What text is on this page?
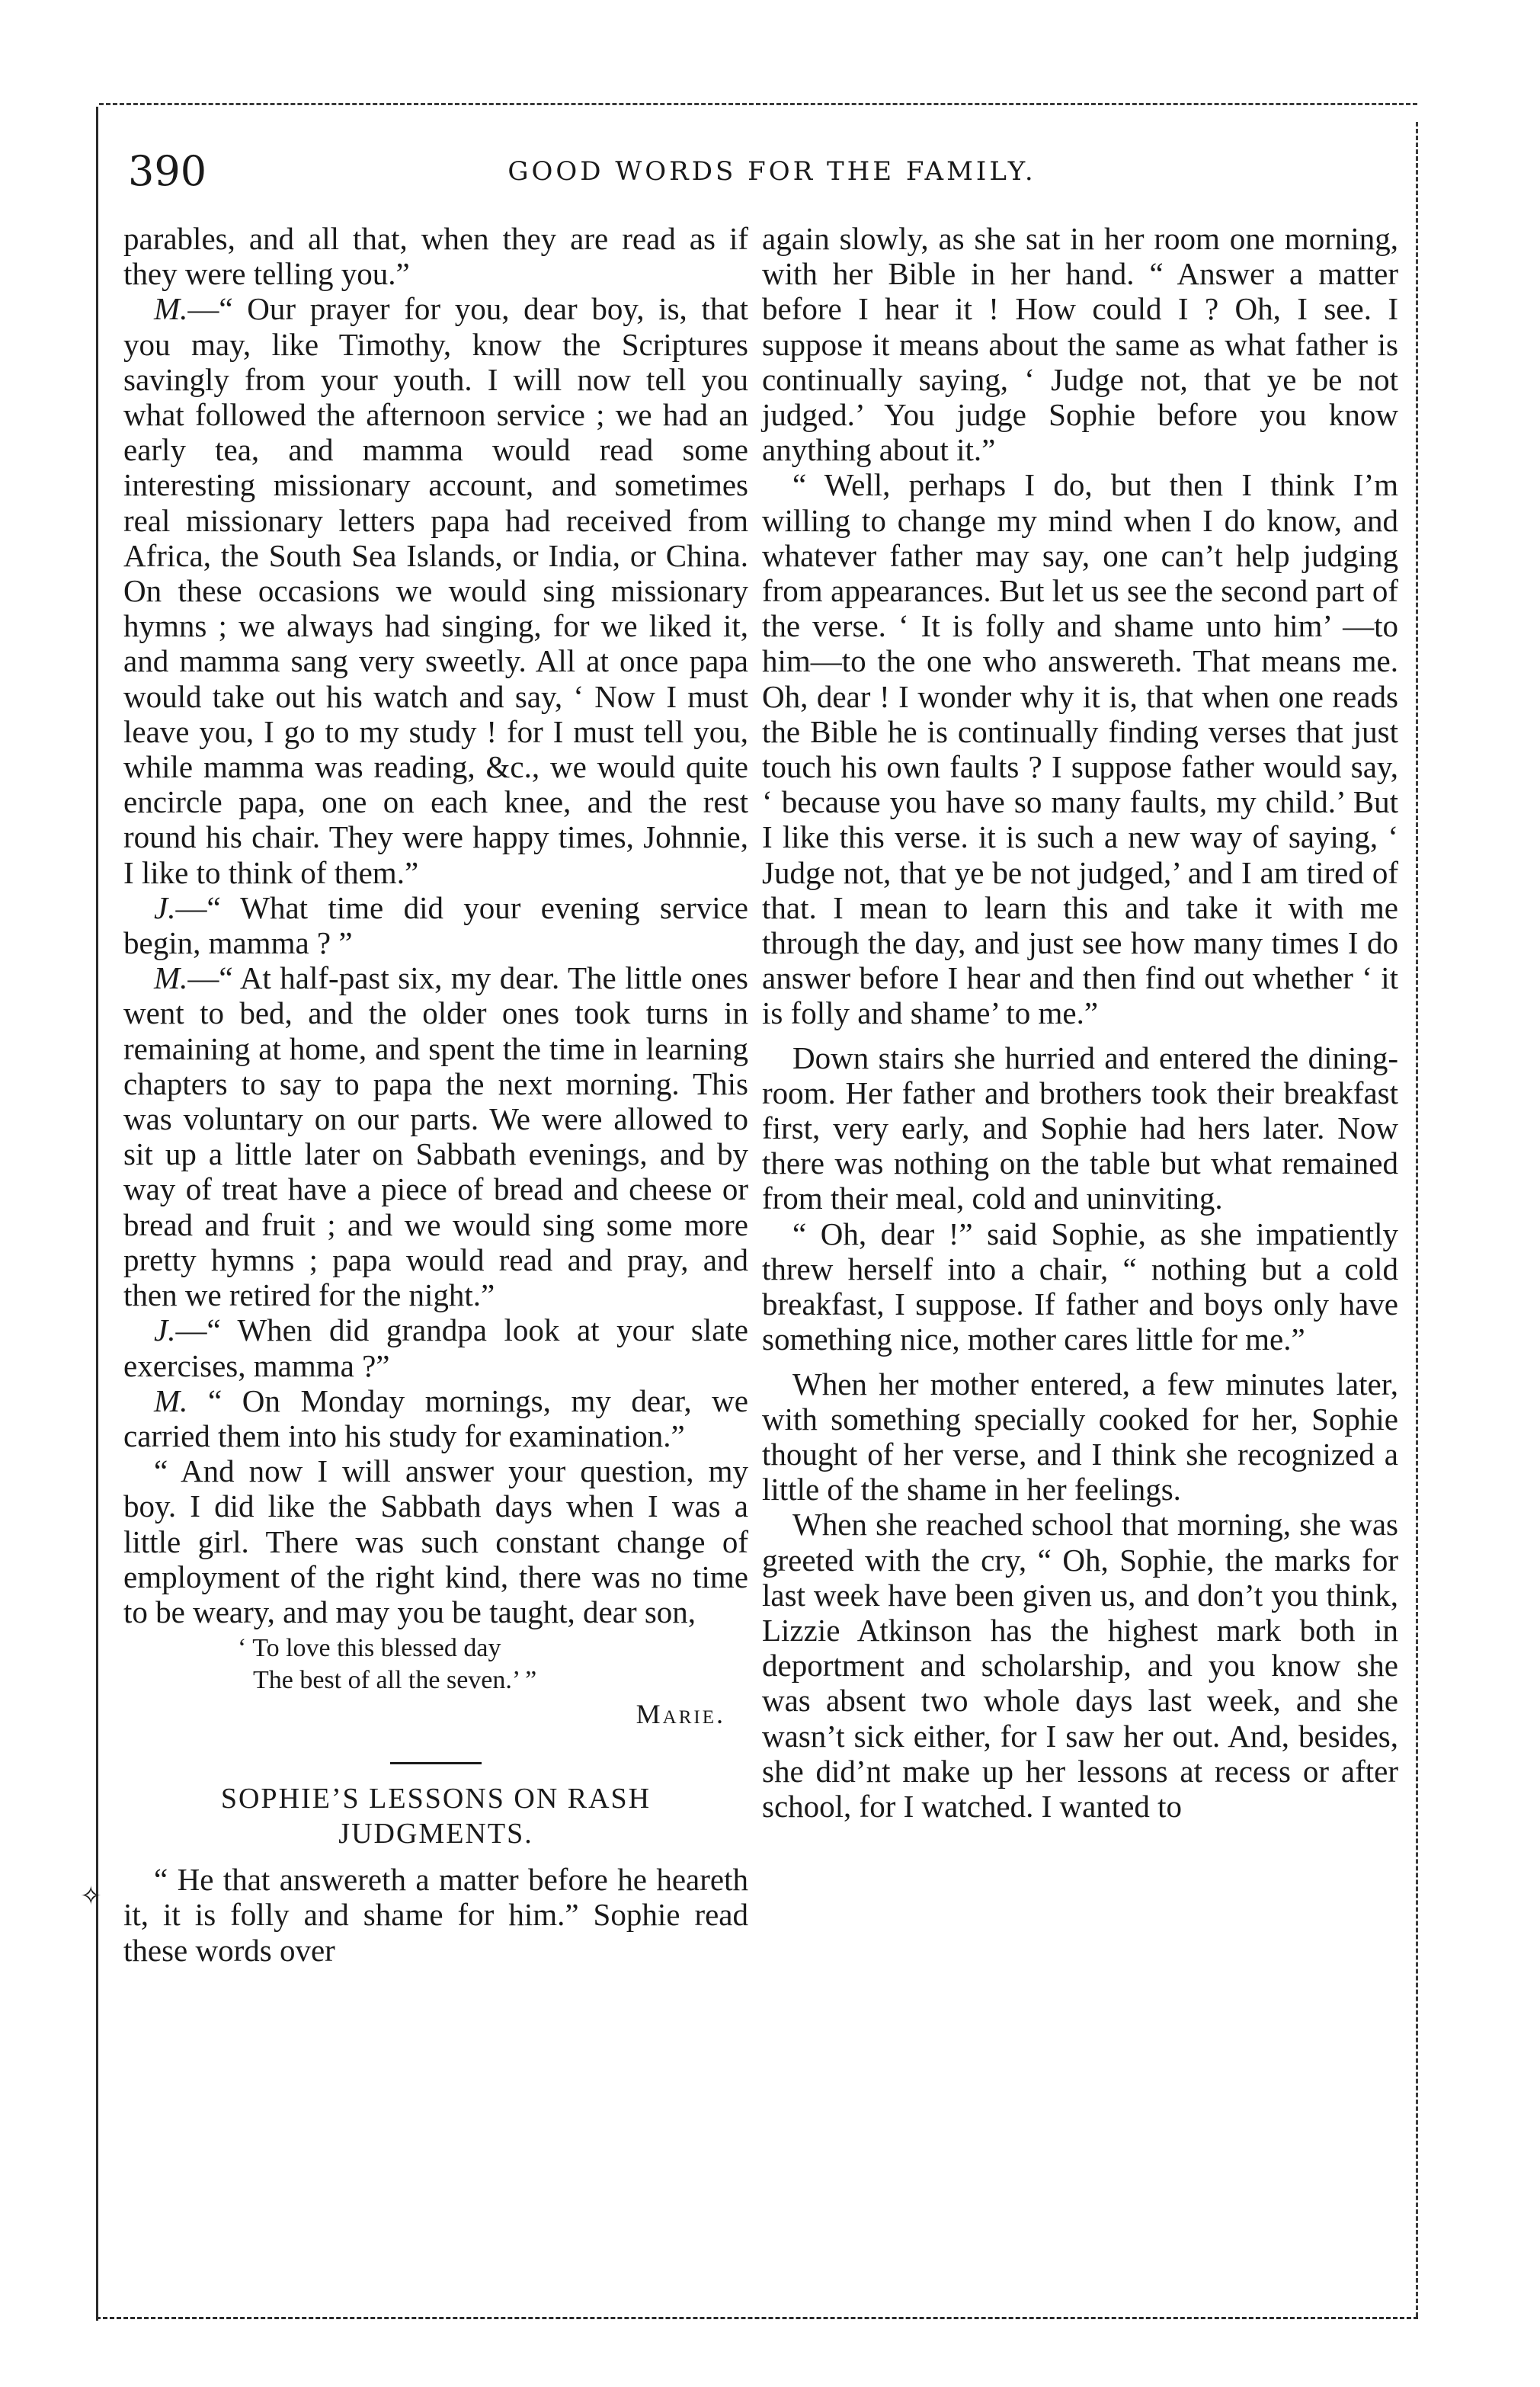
390	GOOD WORDS FOR THE FAMILY.

parables, and all that, when they are read as if they were telling you.”

M.—“ Our prayer for you, dear boy, is, that you may, like Timothy, know the Scriptures savingly from your youth. I will now tell you what followed the afternoon service ; we had an early tea, and mamma would read some interesting missionary account, and sometimes real missionary letters papa had received from Africa, the South Sea Islands, or India, or China. On these occasions we would sing missionary hymns ; we always had singing, for we liked it, and mamma sang very sweetly. All at once papa would take out his watch and say, ‘ Now I must leave you, I go to my study ! for I must tell you, while mamma was reading, &c., we would quite encircle papa, one on each knee, and the rest round his chair. They were happy times, Johnnie, I like to think of them.”

J.—“ What time did your evening service begin, mamma ? ”

M.—“ At half-past six, my dear. The little ones went to bed, and the older ones took turns in remaining at home, and spent the time in learning chapters to say to papa the next morning. This was voluntary on our parts. We were allowed to sit up a little later on Sabbath evenings, and by way of treat have a piece of bread and cheese or bread and fruit ; and we would sing some more pretty hymns ; papa would read and pray, and then we retired for the night.”

J.—“ When did grandpa look at your slate exercises, mamma ?”

M. “ On Monday mornings, my dear, we carried them into his study for examination.”

“ And now I will answer your question, my boy. I did like the Sabbath days when I was a little girl. There was such constant change of employment of the right kind, there was no time to be weary, and may you be taught, dear son,

‘ To love this blessed day
The best of all the seven.’ ”
Marie.
SOPHIE’S LESSONS ON RASH
JUDGMENTS.

“ He that answereth a matter before he heareth it, it is folly and shame for him.” Sophie read these words over

again slowly, as she sat in her room one morning, with her Bible in her hand. “ Answer a matter before I hear it ! How could I ? Oh, I see. I suppose it means about the same as what father is continually saying, ‘ Judge not, that ye be not judged.’ You judge Sophie before you know anything about it.”

“ Well, perhaps I do, but then I think I’m willing to change my mind when I do know, and whatever father may say, one can’t help judging from appearances. But let us see the second part of the verse. ‘ It is folly and shame unto him’ —to him—to the one who answereth. That means me. Oh, dear ! I wonder why it is, that when one reads the Bible he is continually finding verses that just touch his own faults ? I suppose father would say, ‘ because you have so many faults, my child.’ But I like this verse. it is such a new way of saying, ‘ Judge not, that ye be not judged,’ and I am tired of that. I mean to learn this and take it with me through the day, and just see how many times I do answer before I hear and then find out whether ‘ it is folly and shame’ to me.”

Down stairs she hurried and entered the dining-room. Her father and brothers took their breakfast first, very early, and Sophie had hers later. Now there was nothing on the table but what remained from their meal, cold and uninviting.

“ Oh, dear !” said Sophie, as she impatiently threw herself into a chair, “ nothing but a cold breakfast, I suppose. If father and boys only have something nice, mother cares little for me.”

When her mother entered, a few minutes later, with something specially cooked for her, Sophie thought of her verse, and I think she recognized a little of the shame in her feelings.

When she reached school that morning, she was greeted with the cry, “ Oh, Sophie, the marks for last week have been given us, and don’t you think, Lizzie Atkinson has the highest mark both in deportment and scholarship, and you know she was absent two whole days last week, and she wasn’t sick either, for I saw her out. And, besides, she did’nt make up her lessons at recess or after school, for I watched. I wanted to

✧
